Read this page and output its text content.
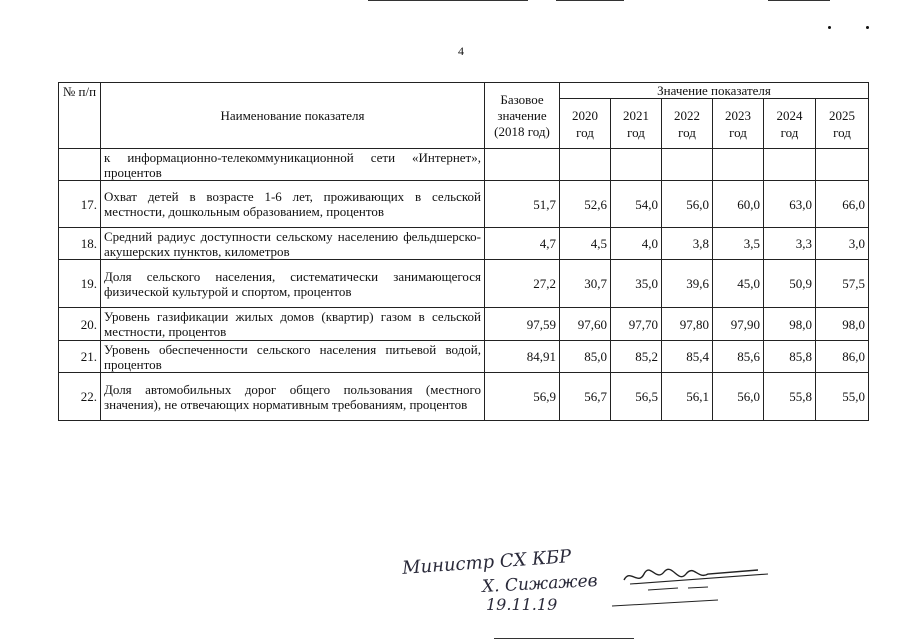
4
№ п/п	Наименование показателя	Базовое значение (2018 год)	Значение показателя					
			2020 год	2021 год	2022 год	2023 год	2024 год	2025 год
	к информационно-телекоммуникационной сети «Интернет», процентов							
17.	Охват детей в возрасте 1-6 лет, проживающих в сельской местности, дошкольным образованием, процентов	51,7	52,6	54,0	56,0	60,0	63,0	66,0
18.	Средний радиус доступности сельскому населению фельдшерско-акушерских пунктов, километров	4,7	4,5	4,0	3,8	3,5	3,3	3,0
19.	Доля сельского населения, систематически занимающегося физической культурой и спортом, процентов	27,2	30,7	35,0	39,6	45,0	50,9	57,5
20.	Уровень газификации жилых домов (квартир) газом в сельской местности, процентов	97,59	97,60	97,70	97,80	97,90	98,0	98,0
21.	Уровень обеспеченности сельского населения питьевой водой, процентов	84,91	85,0	85,2	85,4	85,6	85,8	86,0
22.	Доля автомобильных дорог общего пользования (местного значения), не отвечающих нормативным требованиям, процентов	56,9	56,7	56,5	56,1	56,0	55,8	55,0
Министр СХ КБР
Х. Сижажев
19.11.19
